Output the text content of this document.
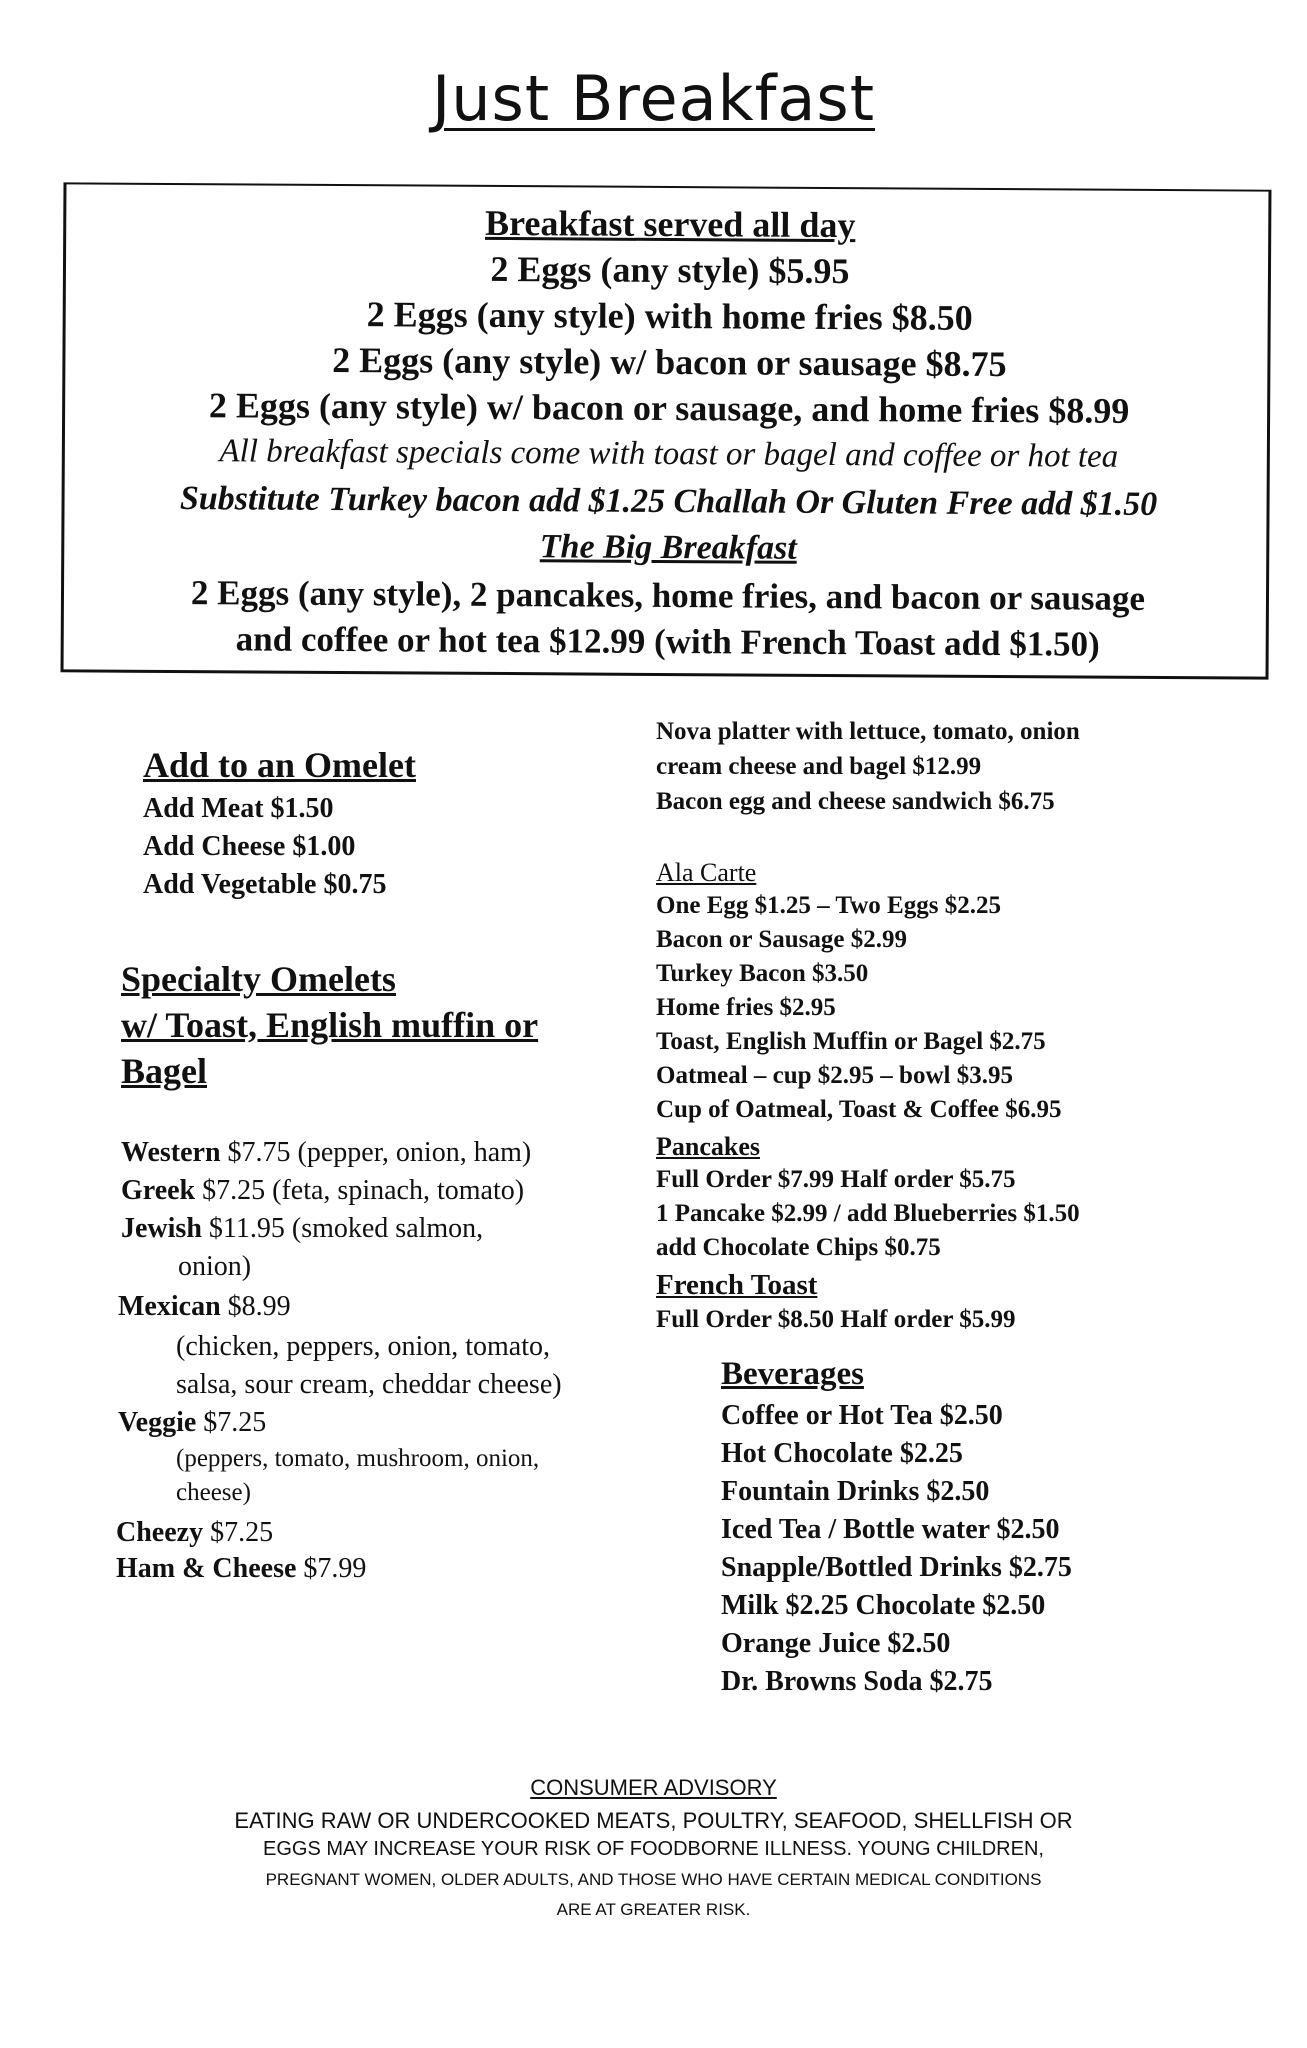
Just Breakfast
Breakfast served all day
2 Eggs (any style) $5.95
2 Eggs (any style) with home fries $8.50
2 Eggs (any style) w/ bacon or sausage $8.75
2 Eggs (any style) w/ bacon or sausage, and home fries $8.99
All breakfast specials come with toast or bagel and coffee or hot tea
Substitute Turkey bacon add $1.25 Challah Or Gluten Free add $1.50
The Big Breakfast
2 Eggs (any style), 2 pancakes, home fries, and bacon or sausage
and coffee or hot tea $12.99 (with French Toast add $1.50)
Add to an Omelet
Add Meat $1.50
Add Cheese $1.00
Add Vegetable $0.75
Specialty Omelets
w/ Toast, English muffin or
Bagel
Western $7.75 (pepper, onion, ham)
Greek $7.25 (feta, spinach, tomato)
Jewish $11.95 (smoked salmon,
onion)
Mexican $8.99
(chicken, peppers, onion, tomato,
salsa, sour cream, cheddar cheese)
Veggie $7.25
(peppers, tomato, mushroom, onion,
cheese)
Cheezy $7.25
Ham & Cheese $7.99
Nova platter with lettuce, tomato, onion
cream cheese and bagel $12.99
Bacon egg and cheese sandwich $6.75
Ala Carte
One Egg $1.25 – Two Eggs $2.25
Bacon or Sausage $2.99
Turkey Bacon $3.50
Home fries $2.95
Toast, English Muffin or Bagel $2.75
Oatmeal – cup $2.95 – bowl $3.95
Cup of Oatmeal, Toast & Coffee $6.95
Pancakes
Full Order $7.99 Half order $5.75
1 Pancake $2.99 / add Blueberries $1.50
add Chocolate Chips $0.75
French Toast
Full Order $8.50 Half order $5.99
Beverages
Coffee or Hot Tea $2.50
Hot Chocolate $2.25
Fountain Drinks $2.50
Iced Tea / Bottle water $2.50
Snapple/Bottled Drinks $2.75
Milk $2.25 Chocolate $2.50
Orange Juice $2.50
Dr. Browns Soda $2.75
CONSUMER ADVISORY
EATING RAW OR UNDERCOOKED MEATS, POULTRY, SEAFOOD, SHELLFISH OR
EGGS MAY INCREASE YOUR RISK OF FOODBORNE ILLNESS. YOUNG CHILDREN,
PREGNANT WOMEN, OLDER ADULTS, AND THOSE WHO HAVE CERTAIN MEDICAL CONDITIONS
ARE AT GREATER RISK.
